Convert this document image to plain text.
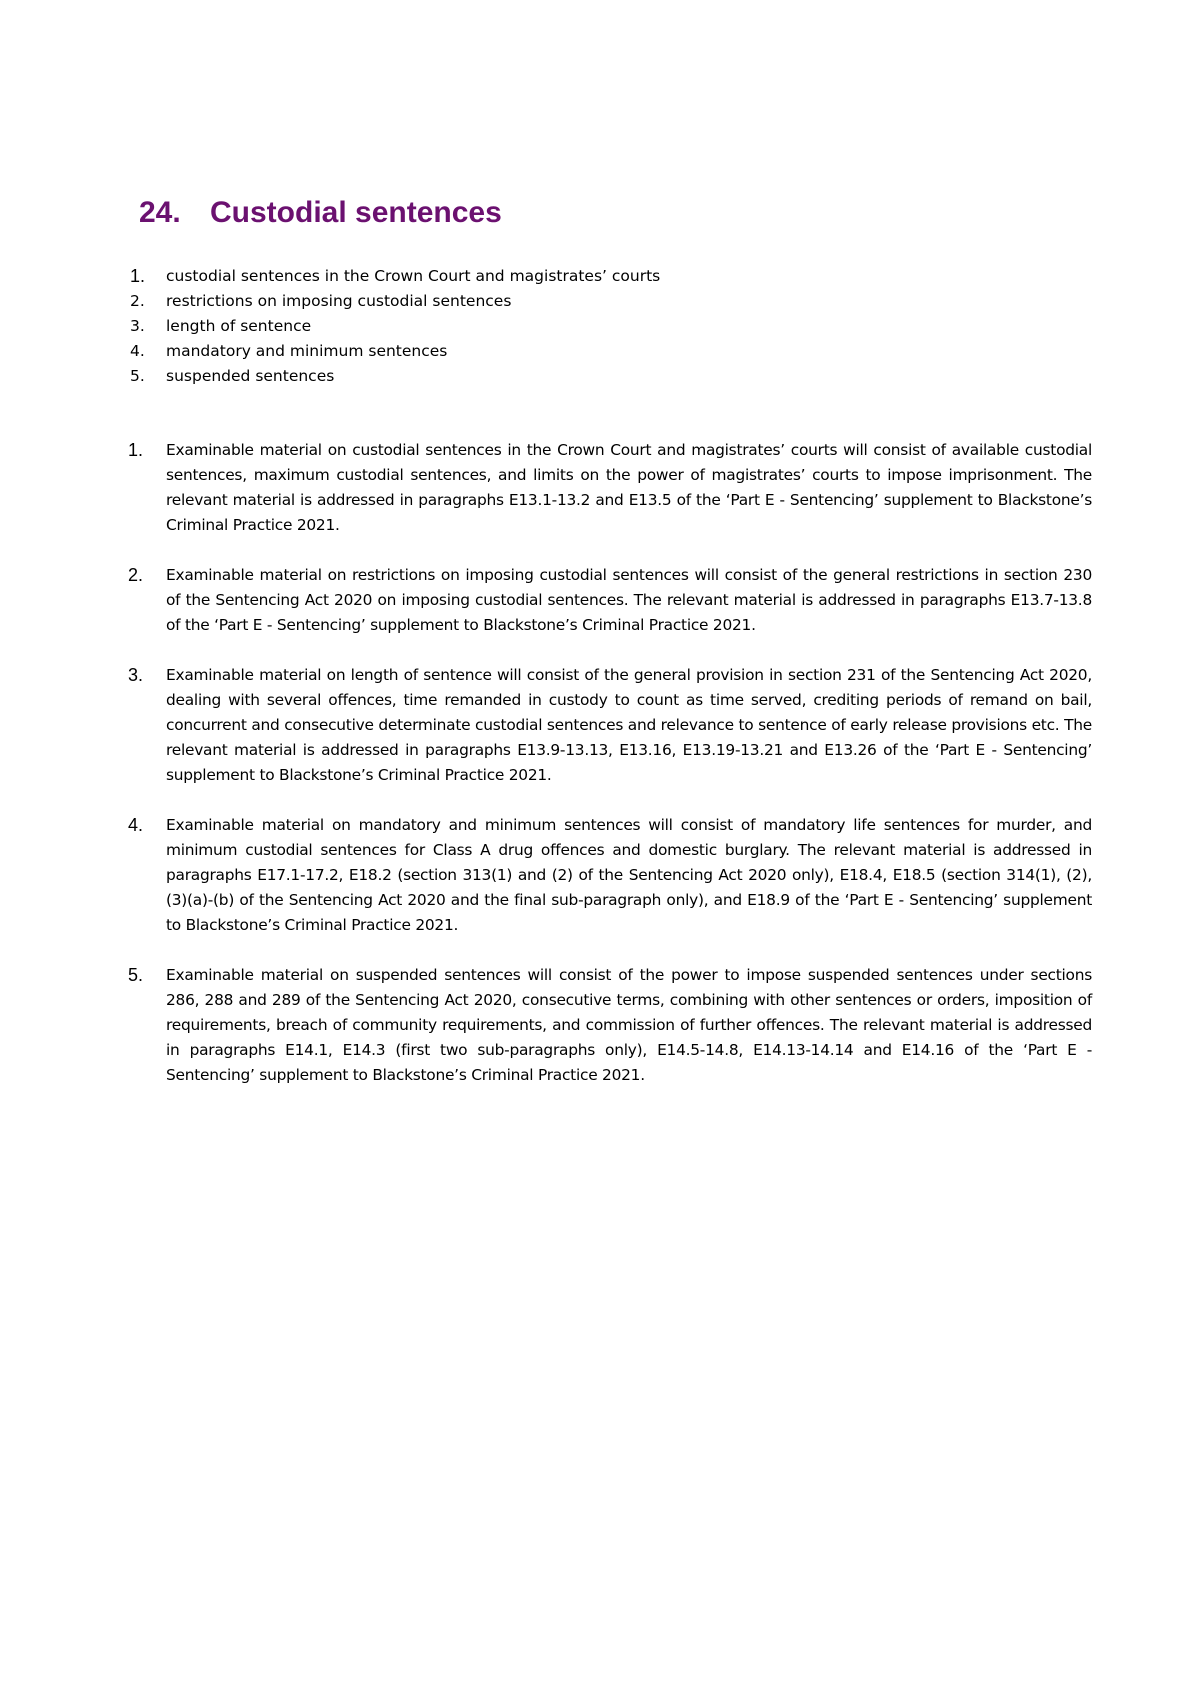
24. Custodial sentences
1.	custodial sentences in the Crown Court and magistrates’ courts
2.	restrictions on imposing custodial sentences
3.	length of sentence
4.	mandatory and minimum sentences
5.	suspended sentences
1.	Examinable material on custodial sentences in the Crown Court and magistrates’ courts will consist of available custodial sentences, maximum custodial sentences, and limits on the power of magistrates’ courts to impose imprisonment. The relevant material is addressed in paragraphs E13.1-13.2 and E13.5 of the ‘Part E - Sentencing’ supplement to Blackstone’s Criminal Practice 2021.
2.	Examinable material on restrictions on imposing custodial sentences will consist of the general restrictions in section 230 of the Sentencing Act 2020 on imposing custodial sentences. The relevant material is addressed in paragraphs E13.7-13.8 of the ‘Part E - Sentencing’ supplement to Blackstone’s Criminal Practice 2021.
3.	Examinable material on length of sentence will consist of the general provision in section 231 of the Sentencing Act 2020, dealing with several offences, time remanded in custody to count as time served, crediting periods of remand on bail, concurrent and consecutive determinate custodial sentences and relevance to sentence of early release provisions etc. The relevant material is addressed in paragraphs E13.9-13.13, E13.16, E13.19-13.21 and E13.26 of the ‘Part E - Sentencing’ supplement to Blackstone’s Criminal Practice 2021.
4.	Examinable material on mandatory and minimum sentences will consist of mandatory life sentences for murder, and minimum custodial sentences for Class A drug offences and domestic burglary. The relevant material is addressed in paragraphs E17.1-17.2, E18.2 (section 313(1) and (2) of the Sentencing Act 2020 only), E18.4, E18.5 (section 314(1), (2), (3)(a)-(b) of the Sentencing Act 2020 and the final sub-paragraph only), and E18.9 of the ‘Part E - Sentencing’ supplement to Blackstone’s Criminal Practice 2021.
5.	Examinable material on suspended sentences will consist of the power to impose suspended sentences under sections 286, 288 and 289 of the Sentencing Act 2020, consecutive terms, combining with other sentences or orders, imposition of requirements, breach of community requirements, and commission of further offences. The relevant material is addressed in paragraphs E14.1, E14.3 (first two sub-paragraphs only), E14.5-14.8, E14.13-14.14 and E14.16 of the ‘Part E - Sentencing’ supplement to Blackstone’s Criminal Practice 2021.
